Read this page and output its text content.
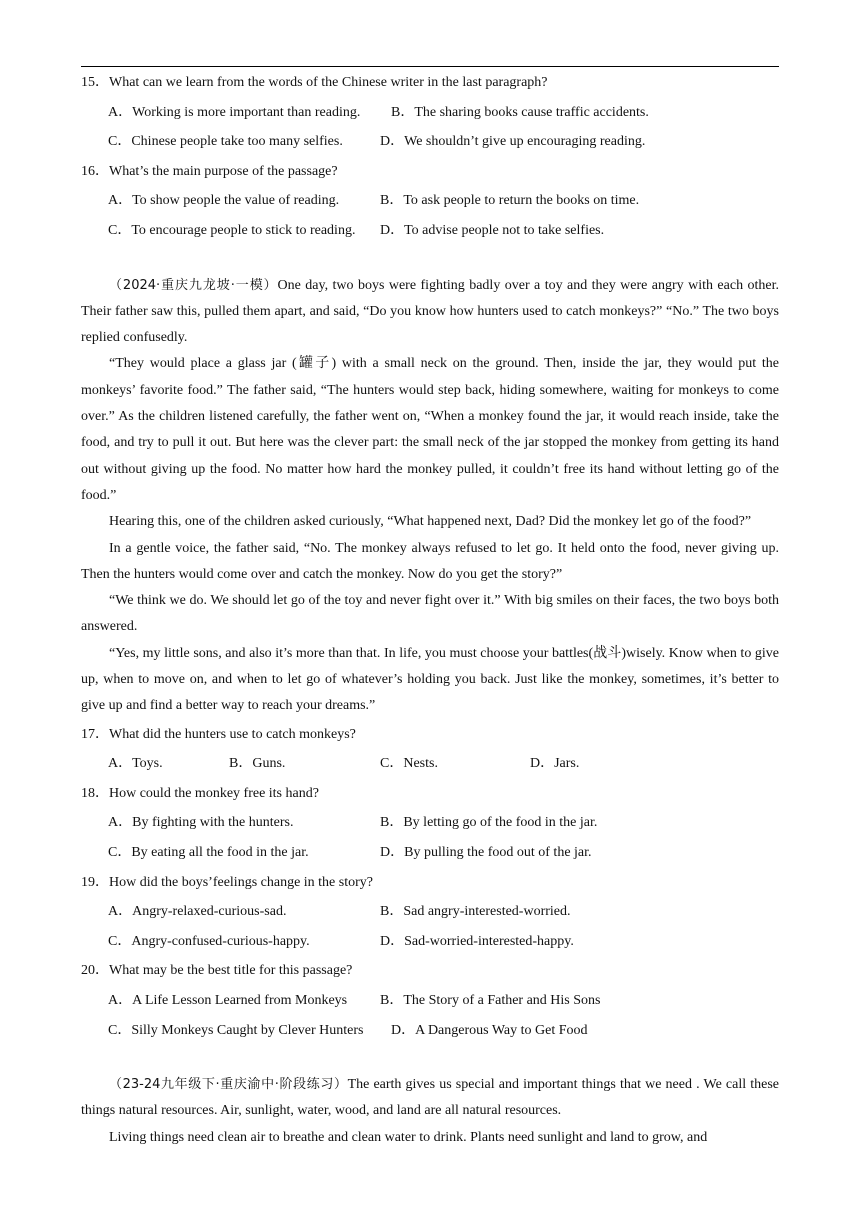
15．What can we learn from the words of the Chinese writer in the last paragraph?
A．Working is more important than reading. B．The sharing books cause traffic accidents.
C．Chinese people take too many selfies.	D．We shouldn’t give up encouraging reading.
16．What’s the main purpose of the passage?
A．To show people the value of reading.	B．To ask people to return the books on time.
C．To encourage people to stick to reading. D．To advise people not to take selfies.

（2024·重庆九龙坡·一模）One day, two boys were fighting badly over a toy and they were angry with each other. Their father saw this, pulled them apart, and said, “Do you know how hunters used to catch monkeys?” “No.” The two boys replied confusedly.

“They would place a glass jar (罐子) with a small neck on the ground. Then, inside the jar, they would put the monkeys’ favorite food.” The father said, “The hunters would step back, hiding somewhere, waiting for monkeys to come over.” As the children listened carefully, the father went on, “When a monkey found the jar, it would reach inside, take the food, and try to pull it out. But here was the clever part: the small neck of the jar stopped the monkey from getting its hand out without giving up the food. No matter how hard the monkey pulled, it couldn’t free its hand without letting go of the food.”

Hearing this, one of the children asked curiously, “What happened next, Dad? Did the monkey let go of the food?”

In a gentle voice, the father said, “No. The monkey always refused to let go. It held onto the food, never giving up. Then the hunters would come over and catch the monkey. Now do you get the story?”

“We think we do. We should let go of the toy and never fight over it.” With big smiles on their faces, the two boys both answered.

“Yes, my little sons, and also it’s more than that. In life, you must choose your battles(战斗)wisely. Know when to give up, when to move on, and when to let go of whatever’s holding you back. Just like the monkey, sometimes, it’s better to give up and find a better way to reach your dreams.”

17．What did the hunters use to catch monkeys?
A．Toys.	B．Guns.	C．Nests.	D．Jars.
18．How could the monkey free its hand?
A．By fighting with the hunters.	B．By letting go of the food in the jar.
C．By eating all the food in the jar.	D．By pulling the food out of the jar.
19．How did the boys’feelings change in the story?
A．Angry-relaxed-curious-sad.	B．Sad angry-interested-worried.
C．Angry-confused-curious-happy.	D．Sad-worried-interested-happy.
20．What may be the best title for this passage?
A．A Life Lesson Learned from Monkeys B．The Story of a Father and His Sons
C．Silly Monkeys Caught by Clever Hunters D．A Dangerous Way to Get Food

（23-24九年级下·重庆渝中·阶段练习）The earth gives us special and important things that we need . We call these things natural resources. Air, sunlight, water, wood, and land are all natural resources.

Living things need clean air to breathe and clean water to drink. Plants need sunlight and land to grow, and
